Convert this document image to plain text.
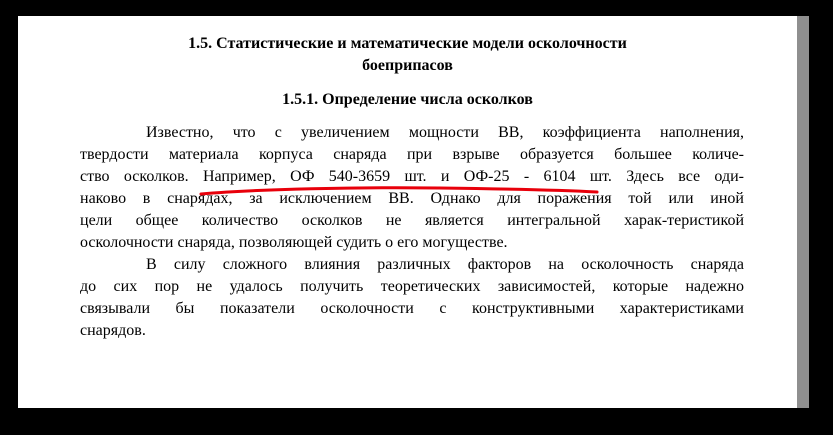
1.5. Статистические и математические модели осколочности
боеприпасов
1.5.1. Определение числа осколков
Известно, что с увеличением мощности ВВ, коэффициента наполнения,
твердости материала корпуса снаряда при взрыве образуется большее количе-
ство осколков. Например, ОФ 540-3659 шт. и ОФ-25 - 6104 шт. Здесь все оди-
наково в снарядах, за исключением ВВ. Однако для поражения той или иной
цели общее количество осколков не является интегральной харак-теристикой
осколочности снаряда, позволяющей судить о его могуществе.
В силу сложного влияния различных факторов на осколочность снаряда
до сих пор не удалось получить теоретических зависимостей, которые надежно
связывали бы показатели осколочности с конструктивными характеристиками
снарядов.
